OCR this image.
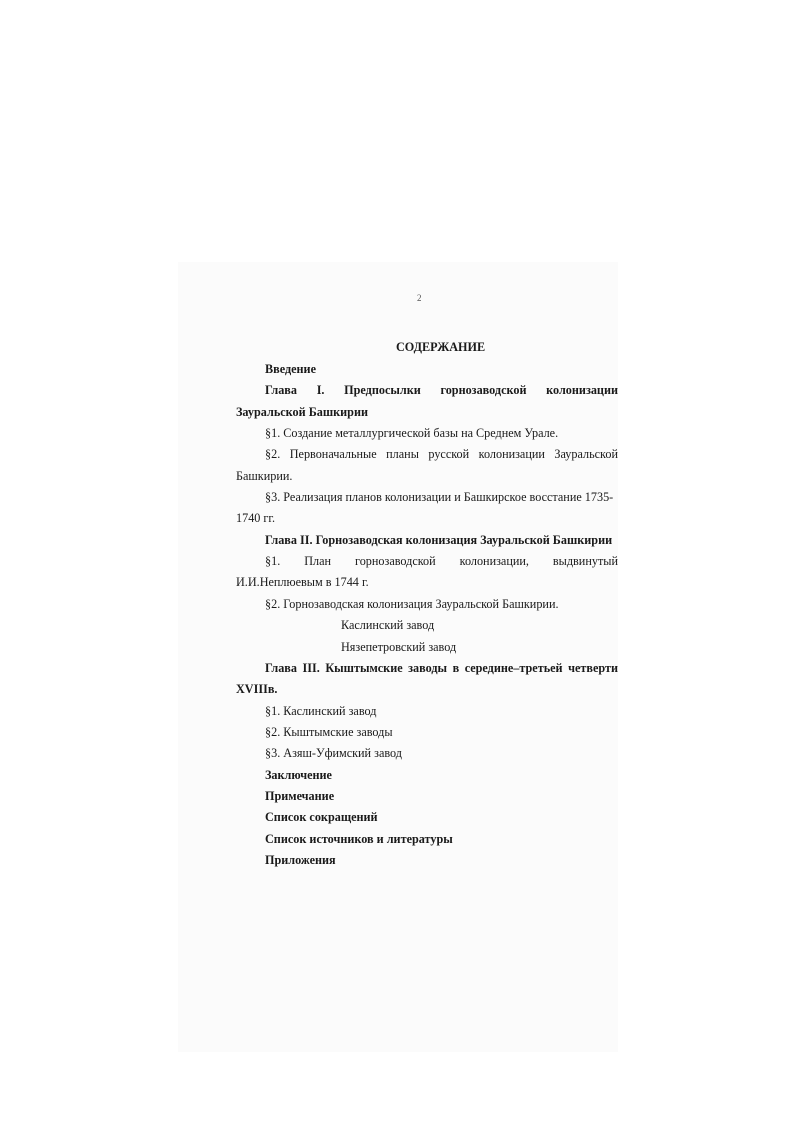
2
СОДЕРЖАНИЕ
Введение
Глава I. Предпосылки горнозаводской колонизации
Зауральской Башкирии
§1. Создание металлургической базы на Среднем Урале.
§2. Первоначальные планы русской колонизации Зауральской
Башкирии.
§3. Реализация планов колонизации и Башкирское восстание 1735-
1740 гг.
Глава II. Горнозаводская колонизация Зауральской Башкирии
§1. План горнозаводской колонизации, выдвинутый
И.И.Неплюевым в 1744 г.
§2. Горнозаводская колонизация Зауральской Башкирии.
Каслинский завод
Нязепетровский завод
Глава III. Кыштымские заводы в середине–третьей четверти
XVIIIв.
§1. Каслинский завод
§2. Кыштымские заводы
§3. Азяш-Уфимский завод
Заключение
Примечание
Список сокращений
Список источников и литературы
Приложения
